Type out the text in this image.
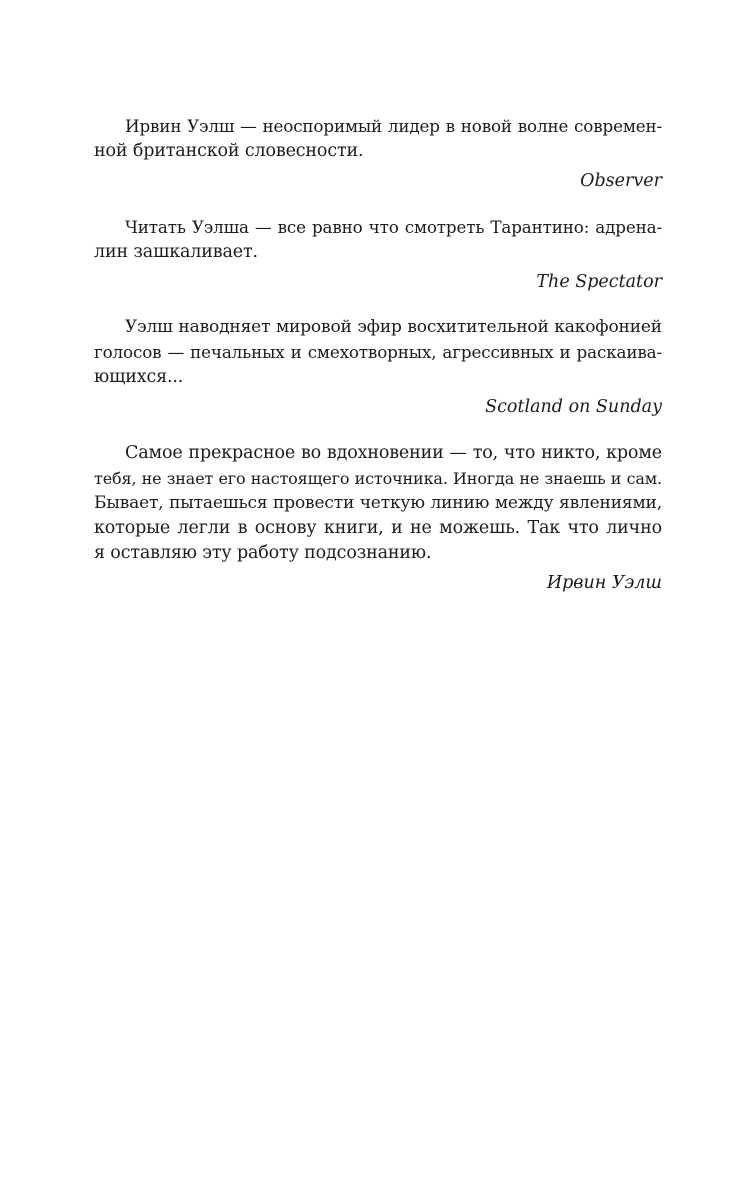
Ирвин Уэлш — неоспоримый лидер в новой волне современ-
ной британской словесности.
Observer
Читать Уэлша — все равно что смотреть Тарантино: адрена-
лин зашкаливает.
The Spectator
Уэлш наводняет мировой эфир восхитительной какофонией
голосов — печальных и смехотворных, агрессивных и раскаива-
ющихся...
Scotland on Sunday
Самое прекрасное во вдохновении — то, что никто, кроме
тебя, не знает его настоящего источника. Иногда не знаешь и сам.
Бывает, пытаешься провести четкую линию между явлениями,
которые легли в основу книги, и не можешь. Так что лично
я оставляю эту работу подсознанию.
Ирвин Уэлш
